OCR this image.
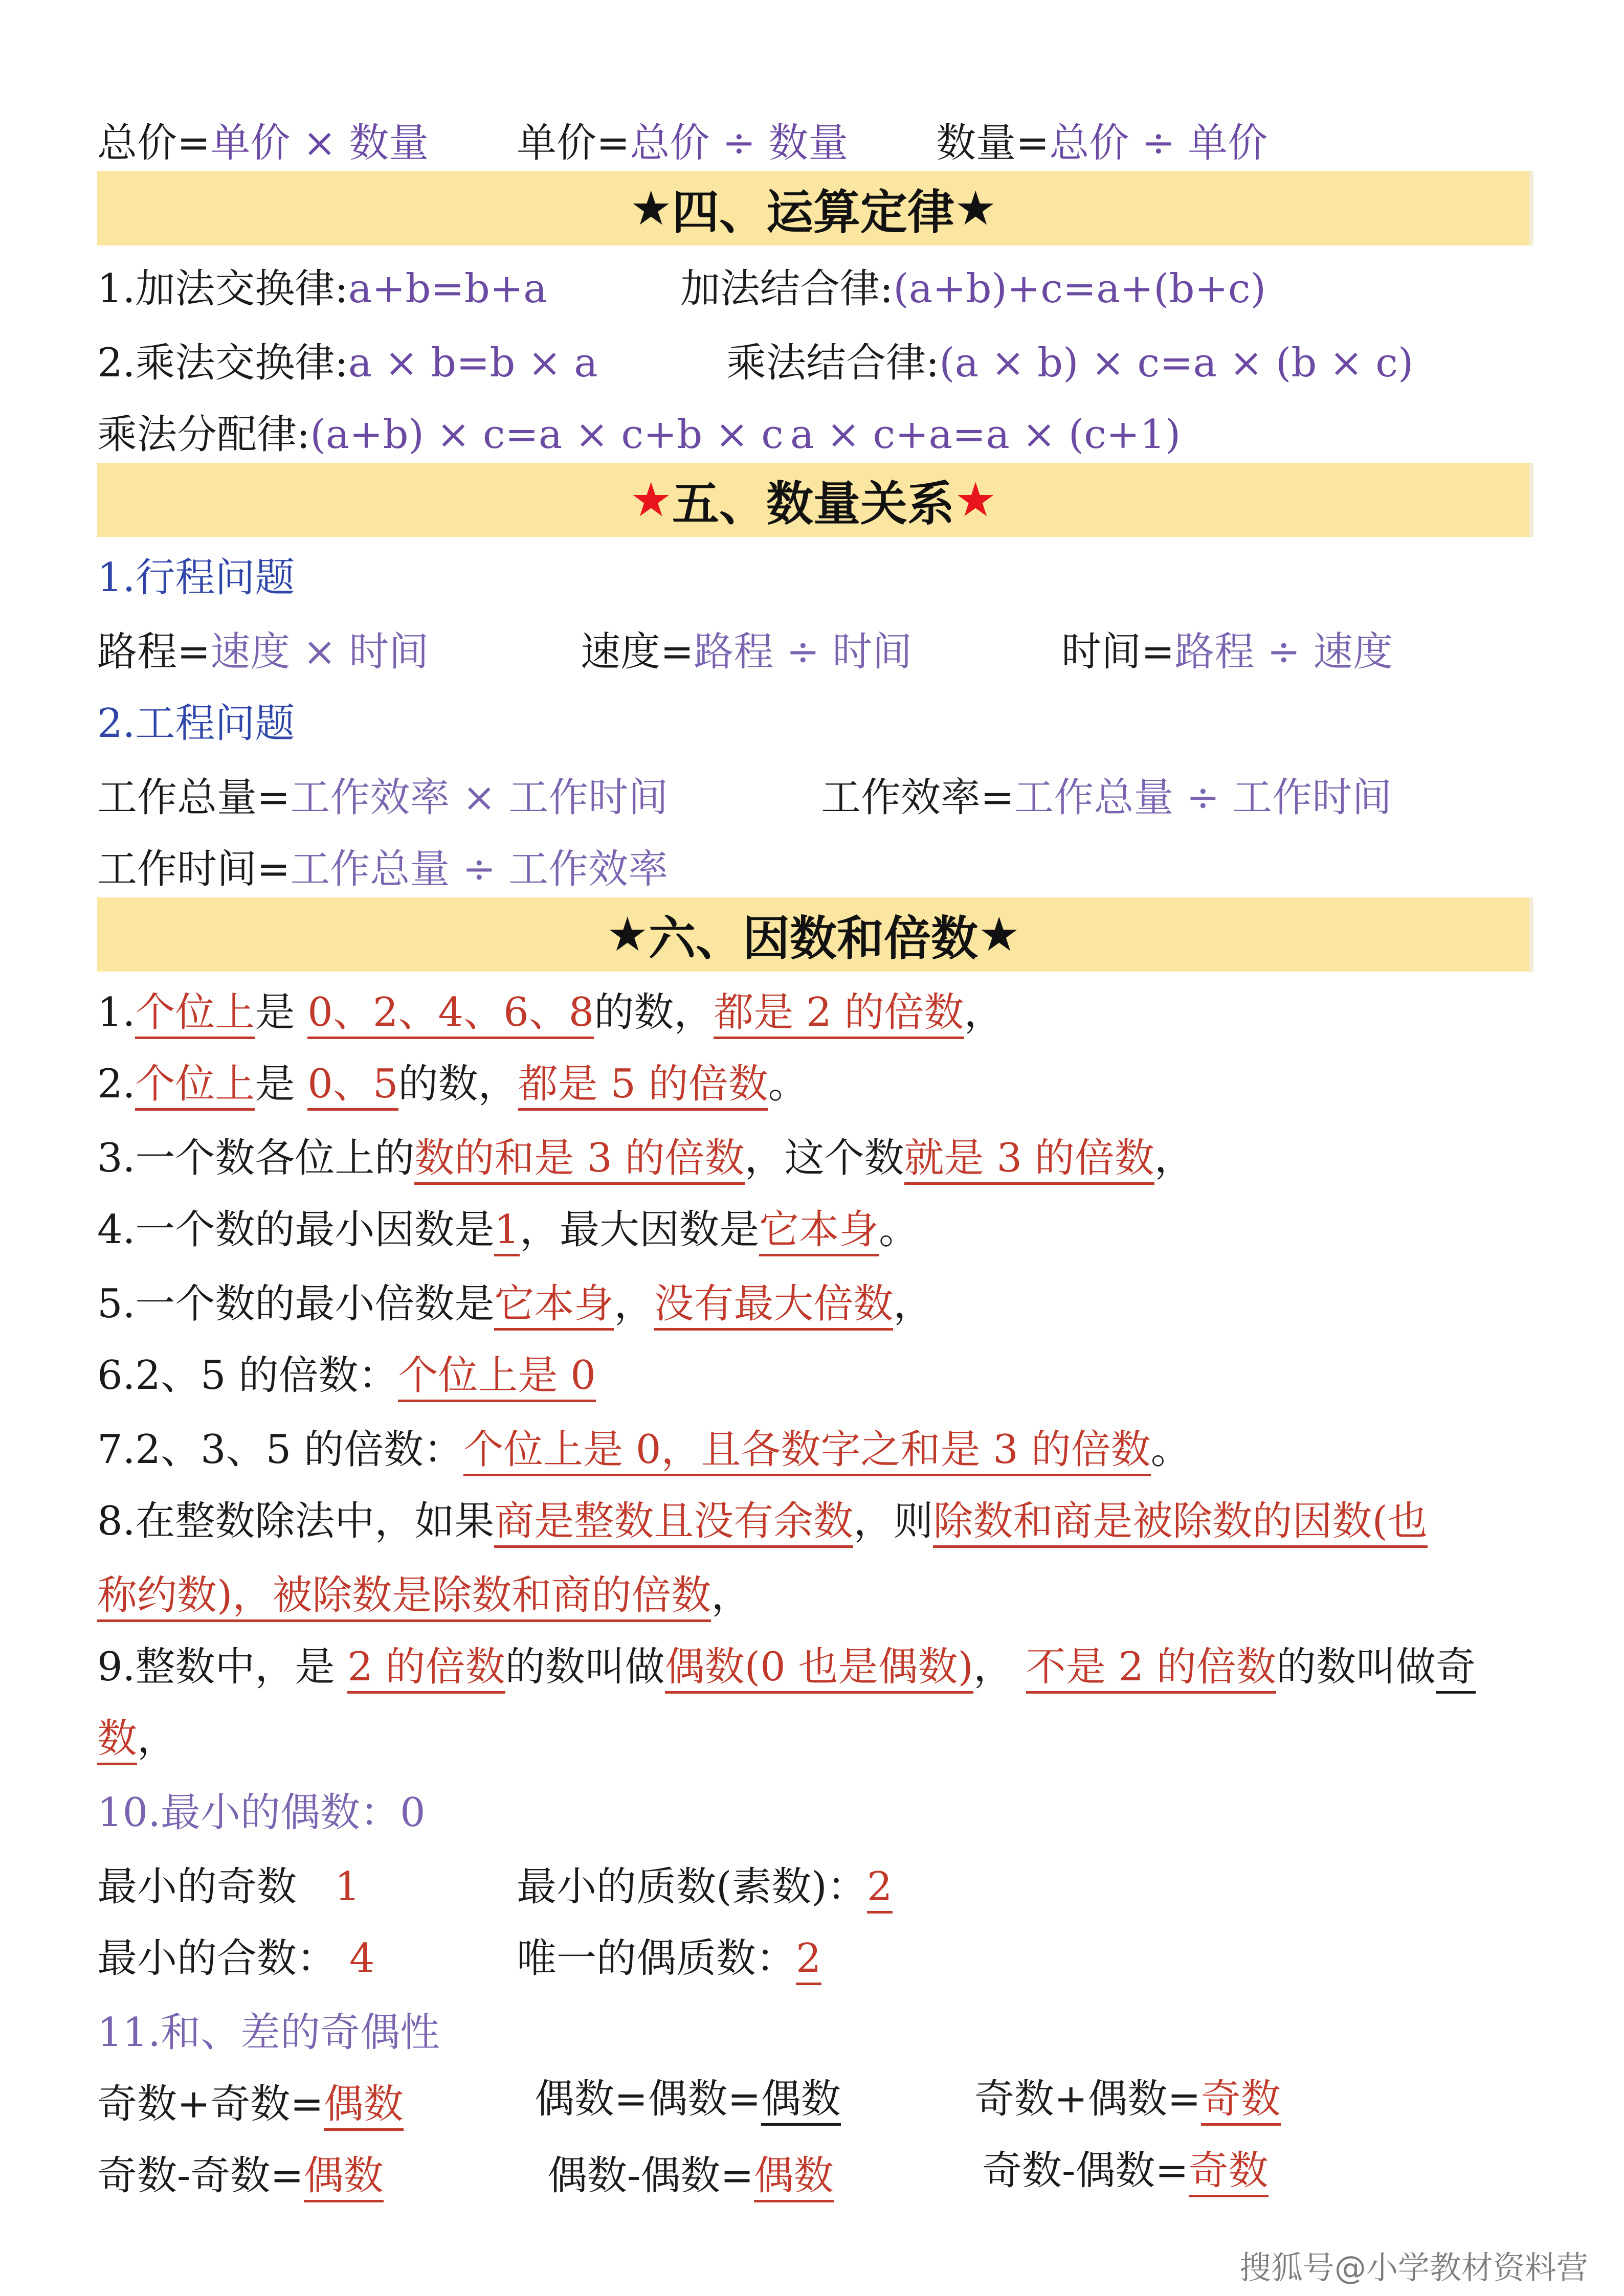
总价=单价 × 数量 单价=总价 ÷ 数量 数量=总价 ÷ 单价
★ 四、运算定律 ★
1.加法交换律:a+b=b+a	加法结合律:(a+b)+c=a+(b+c)
2.乘法交换律:a × b=b × a	乘法结合律:(a × b) × c=a × (b × c)
乘法分配律:(a+b) × c=a × c+b × c a × c+a=a × (c+1)
★ 五、数量关系 ★
1.行程问题
路程=速度 × 时间	速度=路程 ÷ 时间	时间=路程 ÷ 速度
2.工程问题
工作总量=工作效率 × 工作时间	工作效率=工作总量 ÷ 工作时间
工作时间=工作总量 ÷ 工作效率
★ 六、因数和倍数 ★
1.个位上是 0、2、4、6、8的数，都是 2 的倍数，
2.个位上是 0、5的数，都是 5 的倍数。
3.一个数各位上的数的和是 3 的倍数，这个数就是 3 的倍数，
4.一个数的最小因数是1，最大因数是它本身。
5.一个数的最小倍数是它本身，没有最大倍数，
6.2、5 的倍数：个位上是 0
7.2、3、5 的倍数：个位上是 0，且各数字之和是 3 的倍数。
8.在整数除法中，如果商是整数且没有余数，则除数和商是被除数的因数(也
称约数)，被除数是除数和商的倍数，
9.整数中，是 2 的倍数的数叫做偶数(0 也是偶数)， 不是 2 的倍数的数叫做奇
数，
10.最小的偶数：0
最小的奇数 1	最小的质数(素数)：2
最小的合数： 4	唯一的偶质数：2
11.和、差的奇偶性
奇数+奇数=偶数	偶数=偶数=偶数	奇数+偶数=奇数
奇数-奇数=偶数	偶数-偶数=偶数	奇数-偶数=奇数
搜狐号@小学教材资料营
